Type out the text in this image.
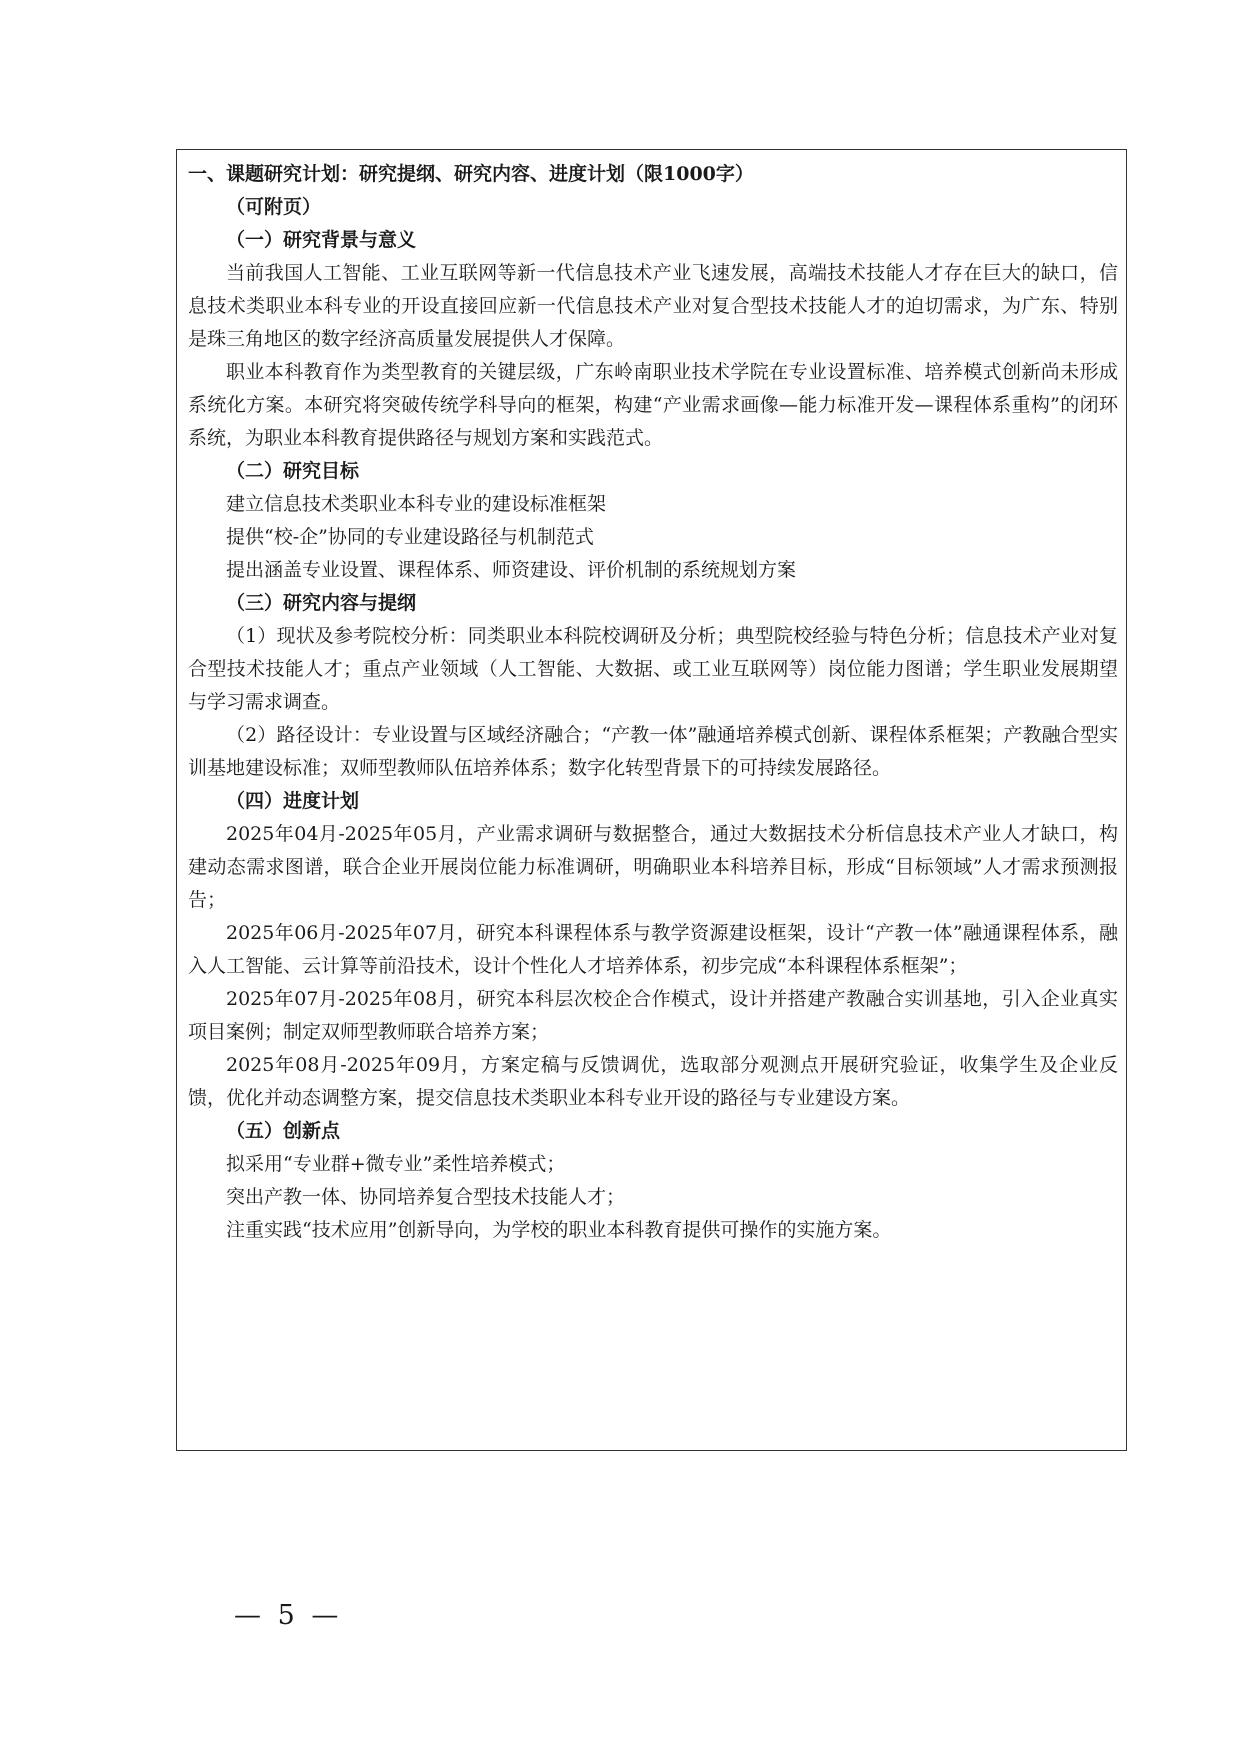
一、课题研究计划：研究提纲、研究内容、进度计划（限1000字）

（可附页）

（一）研究背景与意义

当前我国人工智能、工业互联网等新一代信息技术产业飞速发展，高端技术技能人才存在巨大的缺口，信息技术类职业本科专业的开设直接回应新一代信息技术产业对复合型技术技能人才的迫切需求，为广东、特别是珠三角地区的数字经济高质量发展提供人才保障。

职业本科教育作为类型教育的关键层级，广东岭南职业技术学院在专业设置标准、培养模式创新尚未形成系统化方案。本研究将突破传统学科导向的框架，构建“产业需求画像—能力标准开发—课程体系重构”的闭环系统，为职业本科教育提供路径与规划方案和实践范式。

（二）研究目标

建立信息技术类职业本科专业的建设标准框架

提供“校-企”协同的专业建设路径与机制范式

提出涵盖专业设置、课程体系、师资建设、评价机制的系统规划方案

（三）研究内容与提纲

（1）现状及参考院校分析：同类职业本科院校调研及分析；典型院校经验与特色分析；信息技术产业对复合型技术技能人才；重点产业领域（人工智能、大数据、或工业互联网等）岗位能力图谱；学生职业发展期望与学习需求调查。

（2）路径设计：专业设置与区域经济融合；“产教一体”融通培养模式创新、课程体系框架；产教融合型实训基地建设标准；双师型教师队伍培养体系；数字化转型背景下的可持续发展路径。

（四）进度计划

2025年04月-2025年05月，产业需求调研与数据整合，通过大数据技术分析信息技术产业人才缺口，构建动态需求图谱，联合企业开展岗位能力标准调研，明确职业本科培养目标，形成“目标领域”人才需求预测报告；

2025年06月-2025年07月，研究本科课程体系与教学资源建设框架，设计“产教一体”融通课程体系，融入人工智能、云计算等前沿技术，设计个性化人才培养体系，初步完成“本科课程体系框架”；

2025年07月-2025年08月，研究本科层次校企合作模式，设计并搭建产教融合实训基地，引入企业真实项目案例；制定双师型教师联合培养方案；

2025年08月-2025年09月，方案定稿与反馈调优，选取部分观测点开展研究验证，收集学生及企业反馈，优化并动态调整方案，提交信息技术类职业本科专业开设的路径与专业建设方案。

（五）创新点

拟采用“专业群+微专业”柔性培养模式；

突出产教一体、协同培养复合型技术技能人才；

注重实践“技术应用”创新导向，为学校的职业本科教育提供可操作的实施方案。

— 5 —
